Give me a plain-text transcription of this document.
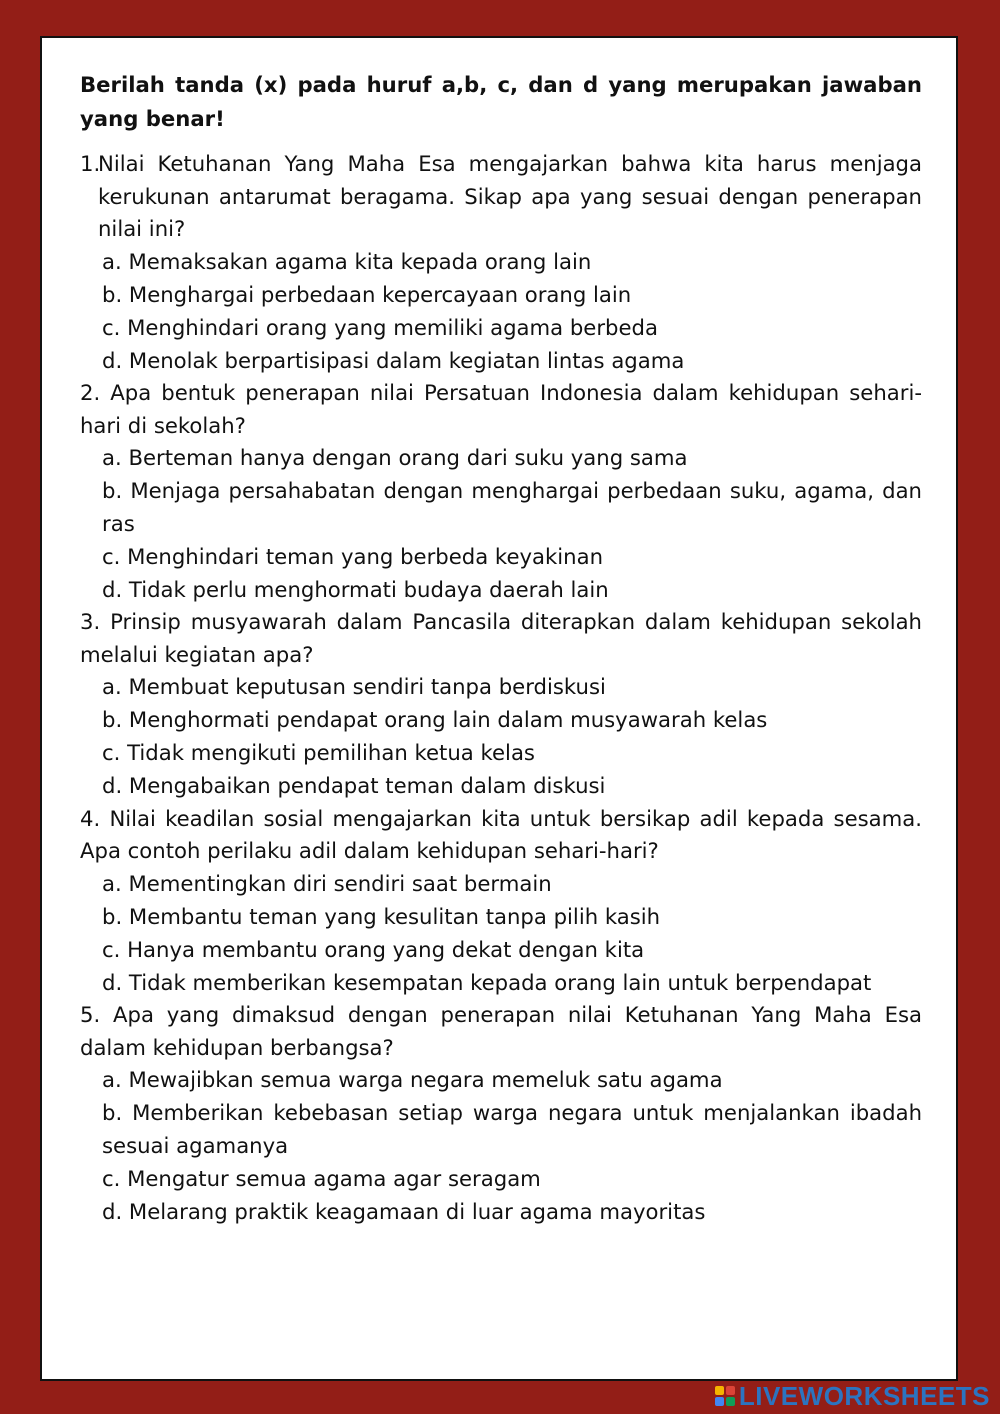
Berilah tanda (x) pada huruf a,b, c, dan d yang merupakan jawaban yang benar!

1.Nilai Ketuhanan Yang Maha Esa mengajarkan bahwa kita harus menjaga kerukunan antarumat beragama. Sikap apa yang sesuai dengan penerapan nilai ini?
a. Memaksakan agama kita kepada orang lain
b. Menghargai perbedaan kepercayaan orang lain
c. Menghindari orang yang memiliki agama berbeda
d. Menolak berpartisipasi dalam kegiatan lintas agama
2. Apa bentuk penerapan nilai Persatuan Indonesia dalam kehidupan sehari-hari di sekolah?
a. Berteman hanya dengan orang dari suku yang sama
b. Menjaga persahabatan dengan menghargai perbedaan suku, agama, dan ras
c. Menghindari teman yang berbeda keyakinan
d. Tidak perlu menghormati budaya daerah lain
3. Prinsip musyawarah dalam Pancasila diterapkan dalam kehidupan sekolah melalui kegiatan apa?
a. Membuat keputusan sendiri tanpa berdiskusi
b. Menghormati pendapat orang lain dalam musyawarah kelas
c. Tidak mengikuti pemilihan ketua kelas
d. Mengabaikan pendapat teman dalam diskusi
4. Nilai keadilan sosial mengajarkan kita untuk bersikap adil kepada sesama. Apa contoh perilaku adil dalam kehidupan sehari-hari?
a. Mementingkan diri sendiri saat bermain
b. Membantu teman yang kesulitan tanpa pilih kasih
c. Hanya membantu orang yang dekat dengan kita
d. Tidak memberikan kesempatan kepada orang lain untuk berpendapat
5. Apa yang dimaksud dengan penerapan nilai Ketuhanan Yang Maha Esa dalam kehidupan berbangsa?
a. Mewajibkan semua warga negara memeluk satu agama
b. Memberikan kebebasan setiap warga negara untuk menjalankan ibadah sesuai agamanya
c. Mengatur semua agama agar seragam
d. Melarang praktik keagamaan di luar agama mayoritas
LIVEWORKSHEETS
